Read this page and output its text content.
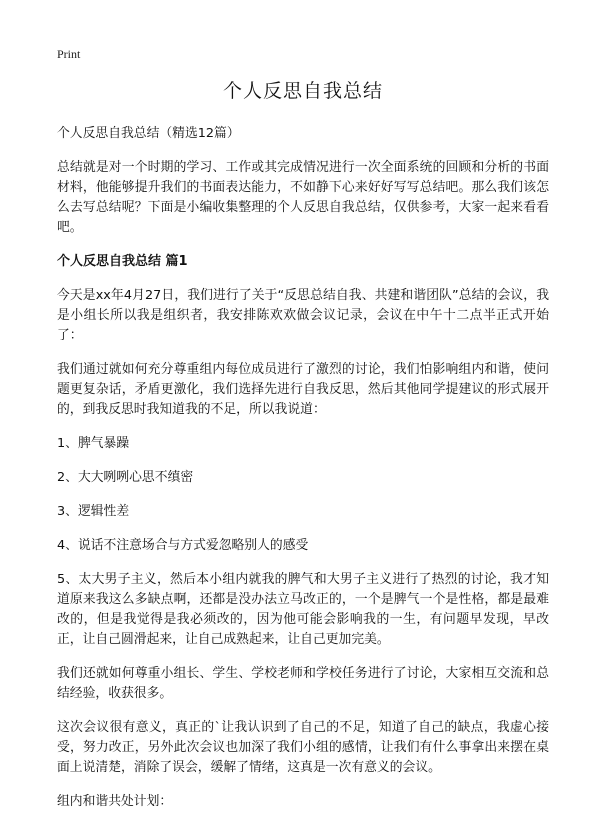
Print
个人反思自我总结

个人反思自我总结（精选12篇）

总结就是对一个时期的学习、工作或其完成情况进行一次全面系统的回顾和分析的书面材料，他能够提升我们的书面表达能力，不如静下心来好好写写总结吧。那么我们该怎么去写总结呢？下面是小编收集整理的个人反思自我总结，仅供参考，大家一起来看看吧。

个人反思自我总结 篇1

今天是xx年4月27日，我们进行了关于“反思总结自我、共建和谐团队”总结的会议，我是小组长所以我是组织者，我安排陈欢欢做会议记录，会议在中午十二点半正式开始了：

我们通过就如何充分尊重组内每位成员进行了激烈的讨论，我们怕影响组内和谐，使问题更复杂话，矛盾更激化，我们选择先进行自我反思，然后其他同学提建议的形式展开的，到我反思时我知道我的不足，所以我说道：

1、脾气暴躁

2、大大咧咧心思不缜密

3、逻辑性差

4、说话不注意场合与方式爱忽略别人的感受

5、太大男子主义，然后本小组内就我的脾气和大男子主义进行了热烈的讨论，我才知道原来我这么多缺点啊，还都是没办法立马改正的，一个是脾气一个是性格，都是最难改的，但是我觉得是我必须改的，因为他可能会影响我的一生，有问题早发现，早改正，让自己圆滑起来，让自己成熟起来，让自己更加完美。

我们还就如何尊重小组长、学生、学校老师和学校任务进行了讨论，大家相互交流和总结经验，收获很多。

这次会议很有意义，真正的`让我认识到了自己的不足，知道了自己的缺点，我虚心接受，努力改正，另外此次会议也加深了我们小组的感情，让我们有什么事拿出来摆在桌面上说清楚，消除了误会，缓解了情绪，这真是一次有意义的会议。

组内和谐共处计划：
